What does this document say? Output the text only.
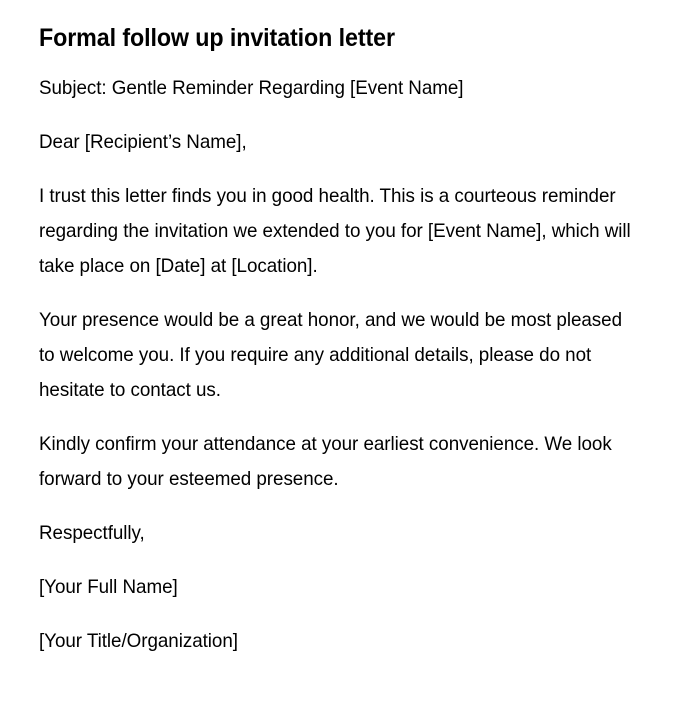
Formal follow up invitation letter

Subject: Gentle Reminder Regarding [Event Name]

Dear [Recipient’s Name],

I trust this letter finds you in good health. This is a courteous reminder regarding the invitation we extended to you for [Event Name], which will take place on [Date] at [Location].

Your presence would be a great honor, and we would be most pleased to welcome you. If you require any additional details, please do not hesitate to contact us.

Kindly confirm your attendance at your earliest convenience. We look forward to your esteemed presence.

Respectfully,

[Your Full Name]

[Your Title/Organization]
